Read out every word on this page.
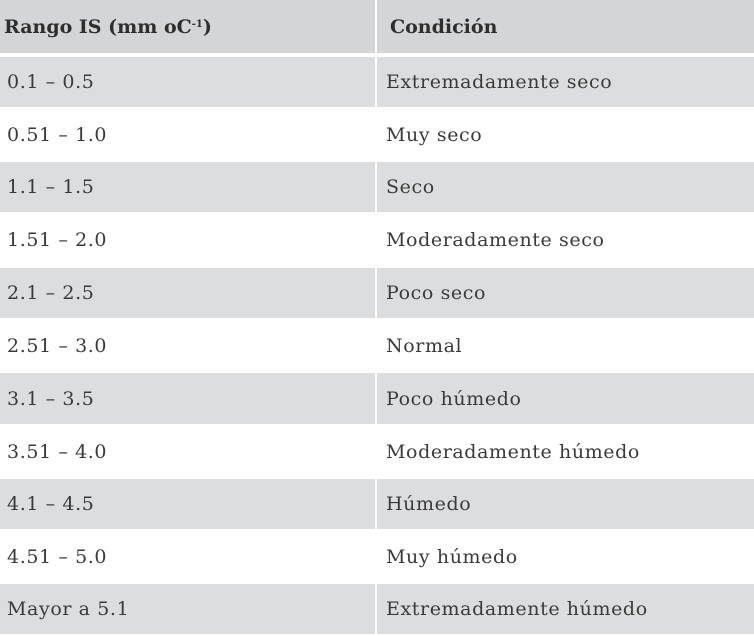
Rango IS (mm $oC^{-1}$ )	Condición
0.1 – 0.5	Extremadamente seco
0.51 – 1.0	Muy seco
1.1 – 1.5	Seco
1.51 – 2.0	Moderadamente seco
2.1 – 2.5	Poco seco
2.51 – 3.0	Normal
3.1 – 3.5	Poco húmedo
3.51 – 4.0	Moderadamente húmedo
4.1 – 4.5	Húmedo
4.51 – 5.0	Muy húmedo
Mayor a 5.1	Extremadamente húmedo
